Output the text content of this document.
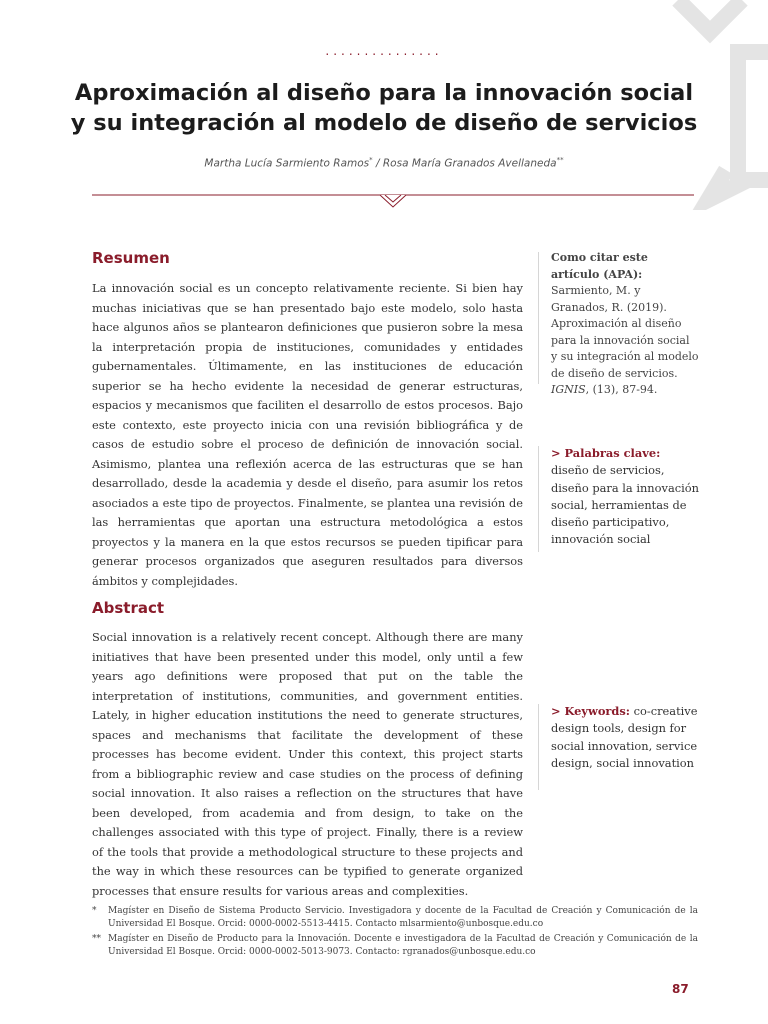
...............
Aproximación al diseño para la innovación social
y su integración al modelo de diseño de servicios
Martha Lucía Sarmiento Ramos* / Rosa María Granados Avellaneda**
Resumen

La innovación social es un concepto relativamente reciente. Si bien hay muchas iniciativas que se han presentado bajo este modelo, solo hasta hace algunos años se plantearon definiciones que pusieron sobre la mesa la interpretación propia de instituciones, comunidades y entidades gubernamentales. Últimamente, en las instituciones de educación superior se ha hecho evidente la necesidad de generar estructuras, espacios y mecanismos que faciliten el desarrollo de estos procesos. Bajo este contexto, este proyecto inicia con una revisión bibliográfica y de casos de estudio sobre el proceso de definición de innovación social. Asimismo, plantea una reflexión acerca de las estructuras que se han desarrollado, desde la academia y desde el diseño, para asumir los retos asociados a este tipo de proyectos. Finalmente, se plantea una revisión de las herramientas que aportan una estructura metodológica a estos proyectos y la manera en la que estos recursos se pueden tipificar para generar procesos organizados que aseguren resultados para diversos ámbitos y complejidades.

Abstract

Social innovation is a relatively recent concept. Although there are many initiatives that have been presented under this model, only until a few years ago definitions were proposed that put on the table the interpretation of institutions, communities, and government entities. Lately, in higher education institutions the need to generate structures, spaces and mechanisms that facilitate the development of these processes has become evident. Under this context, this project starts from a bibliographic review and case studies on the process of defining social innovation. It also raises a reflection on the structures that have been developed, from academia and from design, to take on the challenges associated with this type of project. Finally, there is a review of the tools that provide a methodological structure to these projects and the way in which these resources can be typified to generate organized processes that ensure results for various areas and complexities.

Como citar este artículo (APA): Sarmiento, M. y Granados, R. (2019). Aproximación al diseño para la innovación social y su integración al modelo de diseño de servicios. IGNIS, (13), 87-94.

> Palabras clave: diseño de servicios, diseño para la innovación social, herramientas de diseño participativo, innovación social

> Keywords: co-creative design tools, design for social innovation, service design, social innovation

* Magíster en Diseño de Sistema Producto Servicio. Investigadora y docente de la Facultad de Creación y Comunicación de la Universidad El Bosque. Orcid: 0000-0002-5513-4415. Contacto mlsarmiento@unbosque.edu.co
** Magíster en Diseño de Producto para la Innovación. Docente e investigadora de la Facultad de Creación y Comunicación de la Universidad El Bosque. Orcid: 0000-0002-5013-9073. Contacto: rgranados@unbosque.edu.co
87
